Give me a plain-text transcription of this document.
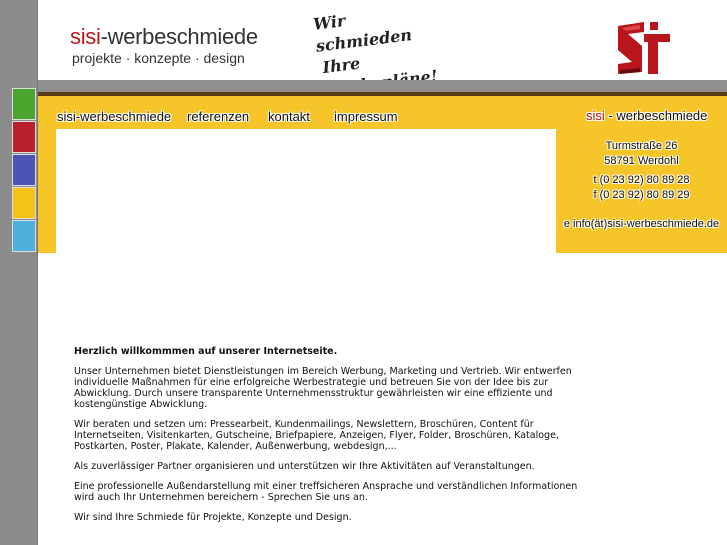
sisi-werbeschmiede
projekte · konzepte · design
Wir schmieden
Ihre
sisi-werbeschmiede referenzen kontakt impressum	sisi - werbeschmiede
Turmstraße 26
58791 Werdohl
t (0 23 92) 80 89 28
f (0 23 92) 80 89 29
e info(ät)sisi-werbeschmiede.de
Herzlich willkommmen auf unserer Internetseite.

Unser Unternehmen bietet Dienstleistungen im Bereich Werbung, Marketing und Vertrieb. Wir entwerfen individuelle Maßnahmen für eine erfolgreiche Werbestrategie und betreuen Sie von der Idee bis zur Abwicklung. Durch unsere transparente Unternehmensstruktur gewährleisten wir eine effiziente und kostengünstige Abwicklung.

Wir beraten und setzen um: Pressearbeit, Kundenmailings, Newslettern, Broschüren, Content für Internetseiten, Visitenkarten, Gutscheine, Briefpapiere, Anzeigen, Flyer, Folder, Broschüren, Kataloge, Postkarten, Poster, Plakate, Kalender, Außenwerbung, webdesign,...

Als zuverlässiger Partner organisieren und unterstützen wir Ihre Aktivitäten auf Veranstaltungen.

Eine professionelle Außendarstellung mit einer treffsicheren Ansprache und verständlichen Informationen wird auch Ihr Unternehmen bereichern - Sprechen Sie uns an.

Wir sind Ihre Schmiede für Projekte, Konzepte und Design.
